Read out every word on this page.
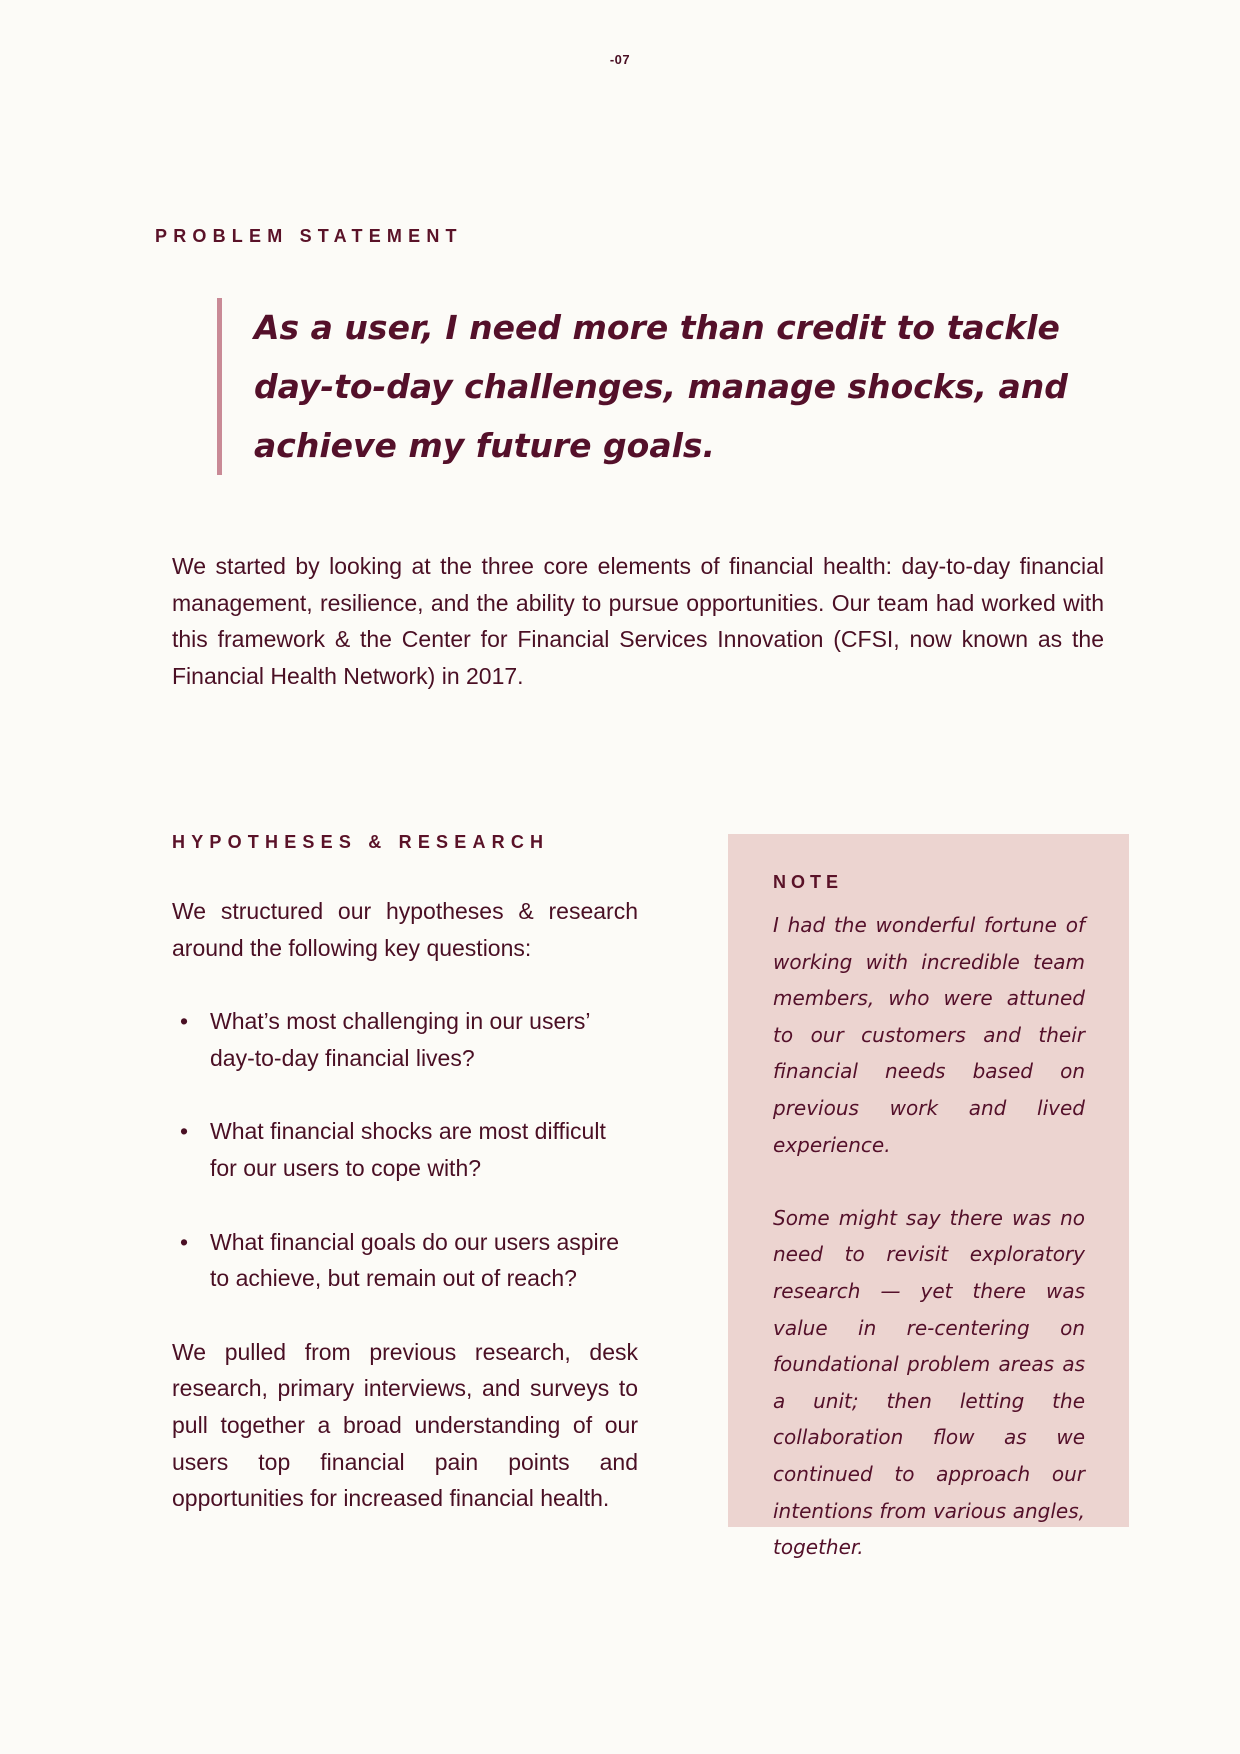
-07
PROBLEM STATEMENT
As a user, I need more than credit to tackle
day-to-day challenges, manage shocks, and
achieve my future goals.

We started by looking at the three core elements of financial health: day-to-day financial management, resilience, and the ability to pursue opportunities. Our team had worked with this framework & the Center for Financial Services Innovation (CFSI, now known as the Financial Health Network) in 2017.

HYPOTHESES & RESEARCH

We structured our hypotheses & research around the following key questions:

• What’s most challenging in our users’ day-to-day financial lives?
• What financial shocks are most difficult for our users to cope with?
• What financial goals do our users aspire to achieve, but remain out of reach?

We pulled from previous research, desk research, primary interviews, and surveys to pull together a broad understanding of our users top financial pain points and opportunities for increased financial health.

NOTE

I had the wonderful fortune of working with incredible team members, who were attuned to our customers and their financial needs based on previous work and lived experience.

Some might say there was no need to revisit exploratory research — yet there was value in re-centering on foundational problem areas as a unit; then letting the collaboration flow as we continued to approach our intentions from various angles, together.
